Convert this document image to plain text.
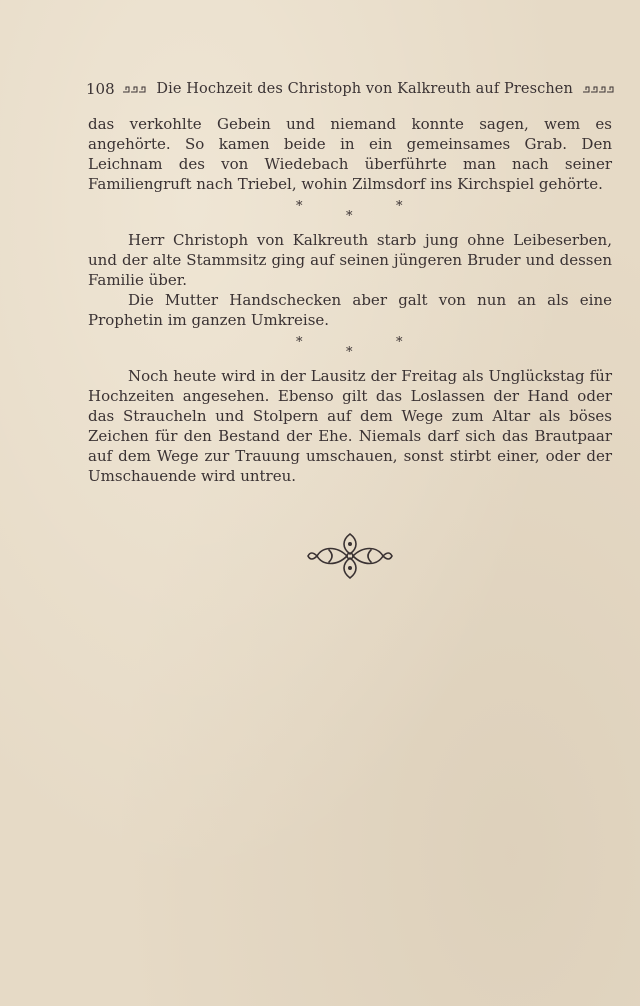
108	Die Hochzeit des Christoph von Kalkreuth auf Preschen

das verkohlte Gebein und niemand konnte sagen, wem es angehörte. So kamen beide in ein gemeinsames Grab. Den Leichnam des von Wiedebach überführte man nach seiner Familiengruft nach Triebel, wohin Zilmsdorf ins Kirchspiel gehörte.

*
*
*

Herr Christoph von Kalkreuth starb jung ohne Leibeserben, und der alte Stammsitz ging auf seinen jüngeren Bruder und dessen Familie über.

Die Mutter Handschecken aber galt von nun an als eine Prophetin im ganzen Umkreise.

*
*
*

Noch heute wird in der Lausitz der Freitag als Unglückstag für Hochzeiten angesehen. Ebenso gilt das Loslassen der Hand oder das Straucheln und Stolpern auf dem Wege zum Altar als böses Zeichen für den Bestand der Ehe. Niemals darf sich das Brautpaar auf dem Wege zur Trauung umschauen, sonst stirbt einer, oder der Umschauende wird untreu.
